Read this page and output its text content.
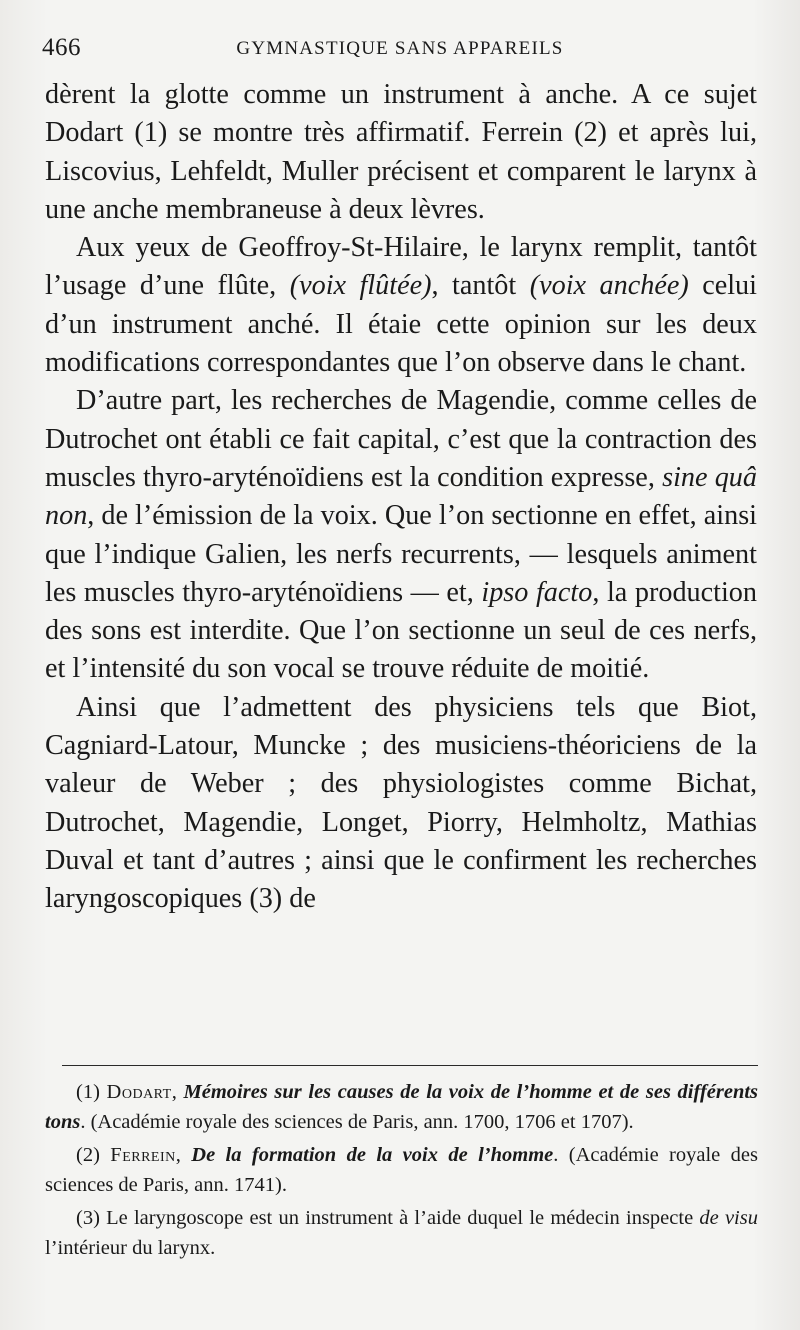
466	GYMNASTIQUE SANS APPAREILS

dèrent la glotte comme un instrument à anche. A ce sujet Dodart (1) se montre très affirmatif. Ferrein (2) et après lui, Liscovius, Lehfeldt, Muller précisent et comparent le larynx à une anche membraneuse à deux lèvres.

Aux yeux de Geoffroy-St-Hilaire, le larynx remplit, tantôt l’usage d’une flûte, (voix flûtée), tantôt (voix anchée) celui d’un instrument anché. Il étaie cette opinion sur les deux modifications correspondantes que l’on observe dans le chant.

D’autre part, les recherches de Magendie, comme celles de Dutrochet ont établi ce fait capital, c’est que la contraction des muscles thyro-aryténoïdiens est la condition expresse, sine quâ non, de l’émission de la voix. Que l’on sectionne en effet, ainsi que l’indique Galien, les nerfs recurrents, — lesquels animent les muscles thyro-aryténoïdiens — et, ipso facto, la production des sons est interdite. Que l’on sectionne un seul de ces nerfs, et l’intensité du son vocal se trouve réduite de moitié.

Ainsi que l’admettent des physiciens tels que Biot, Cagniard-Latour, Muncke ; des musiciens-théoriciens de la valeur de Weber ; des physiologistes comme Bichat, Dutrochet, Magendie, Longet, Piorry, Helmholtz, Mathias Duval et tant d’autres ; ainsi que le confirment les recherches laryngoscopiques (3) de

(1) Dodart, Mémoires sur les causes de la voix de l’homme et de ses différents tons. (Académie royale des sciences de Paris, ann. 1700, 1706 et 1707).

(2) Ferrein, De la formation de la voix de l’homme. (Académie royale des sciences de Paris, ann. 1741).

(3) Le laryngoscope est un instrument à l’aide duquel le médecin inspecte de visu l’intérieur du larynx.
